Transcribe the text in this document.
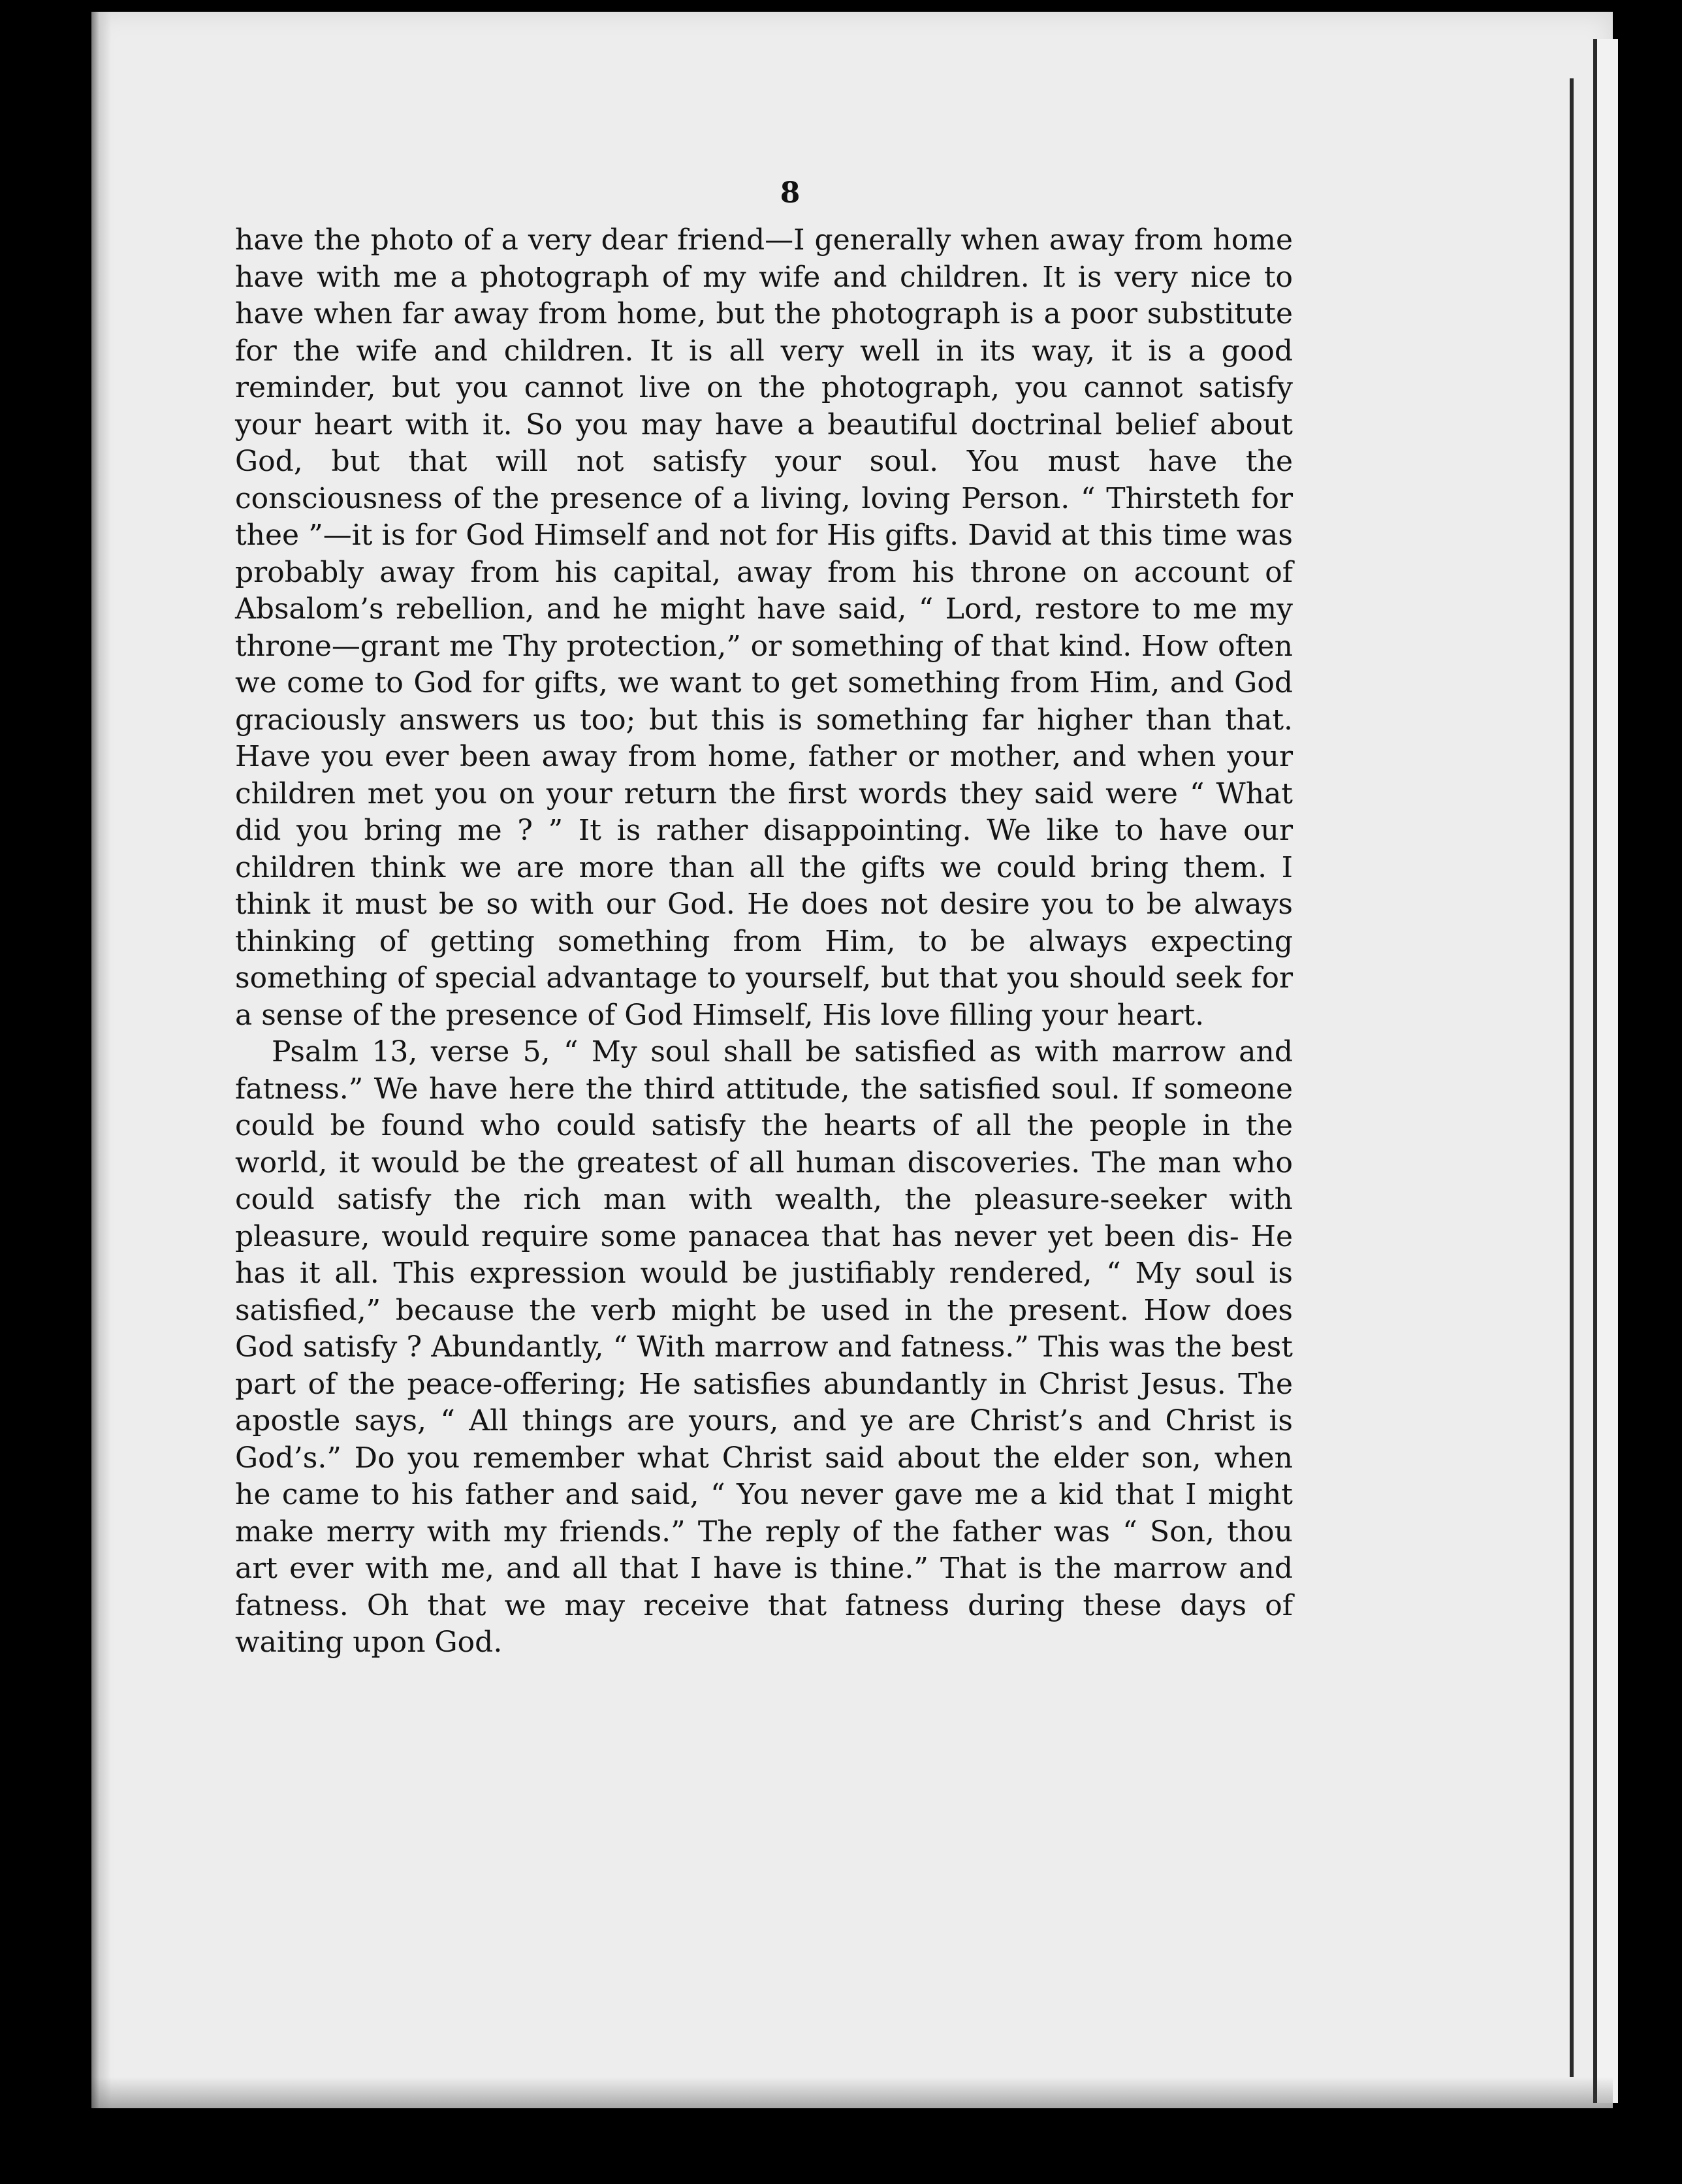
8

have the photo of a very dear friend—I generally when away from home have with me a photograph of my wife and children. It is very nice to have when far away from home, but the photograph is a poor substitute for the wife and children. It is all very well in its way, it is a good reminder, but you cannot live on the photograph, you cannot satisfy your heart with it. So you may have a beautiful doctrinal belief about God, but that will not satisfy your soul. You must have the consciousness of the presence of a living, loving Person. “ Thirsteth for thee ”—it is for God Himself and not for His gifts. David at this time was probably away from his capital, away from his throne on account of Absalom’s rebellion, and he might have said, “ Lord, restore to me my throne—grant me Thy protection,” or something of that kind. How often we come to God for gifts, we want to get something from Him, and God graciously answers us too; but this is something far higher than that. Have you ever been away from home, father or mother, and when your children met you on your return the first words they said were “ What did you bring me ? ” It is rather disappointing. We like to have our children think we are more than all the gifts we could bring them. I think it must be so with our God. He does not desire you to be always thinking of getting something from Him, to be always expecting something of special advantage to yourself, but that you should seek for a sense of the presence of God Himself, His love filling your heart.

Psalm 13, verse 5, “ My soul shall be satisfied as with marrow and fatness.” We have here the third attitude, the satisfied soul. If someone could be found who could satisfy the hearts of all the people in the world, it would be the greatest of all human discoveries. The man who could satisfy the rich man with wealth, the pleasure-seeker with pleasure, would require some panacea that has never yet been dis- He has it all. This expression would be justifiably rendered, “ My soul is satisfied,” because the verb might be used in the present. How does God satisfy ? Abundantly, “ With marrow and fatness.” This was the best part of the peace-offering; He satisfies abundantly in Christ Jesus. The apostle says, “ All things are yours, and ye are Christ’s and Christ is God’s.” Do you remember what Christ said about the elder son, when he came to his father and said, “ You never gave me a kid that I might make merry with my friends.” The reply of the father was “ Son, thou art ever with me, and all that I have is thine.” That is the marrow and fatness. Oh that we may receive that fatness during these days of waiting upon God.
